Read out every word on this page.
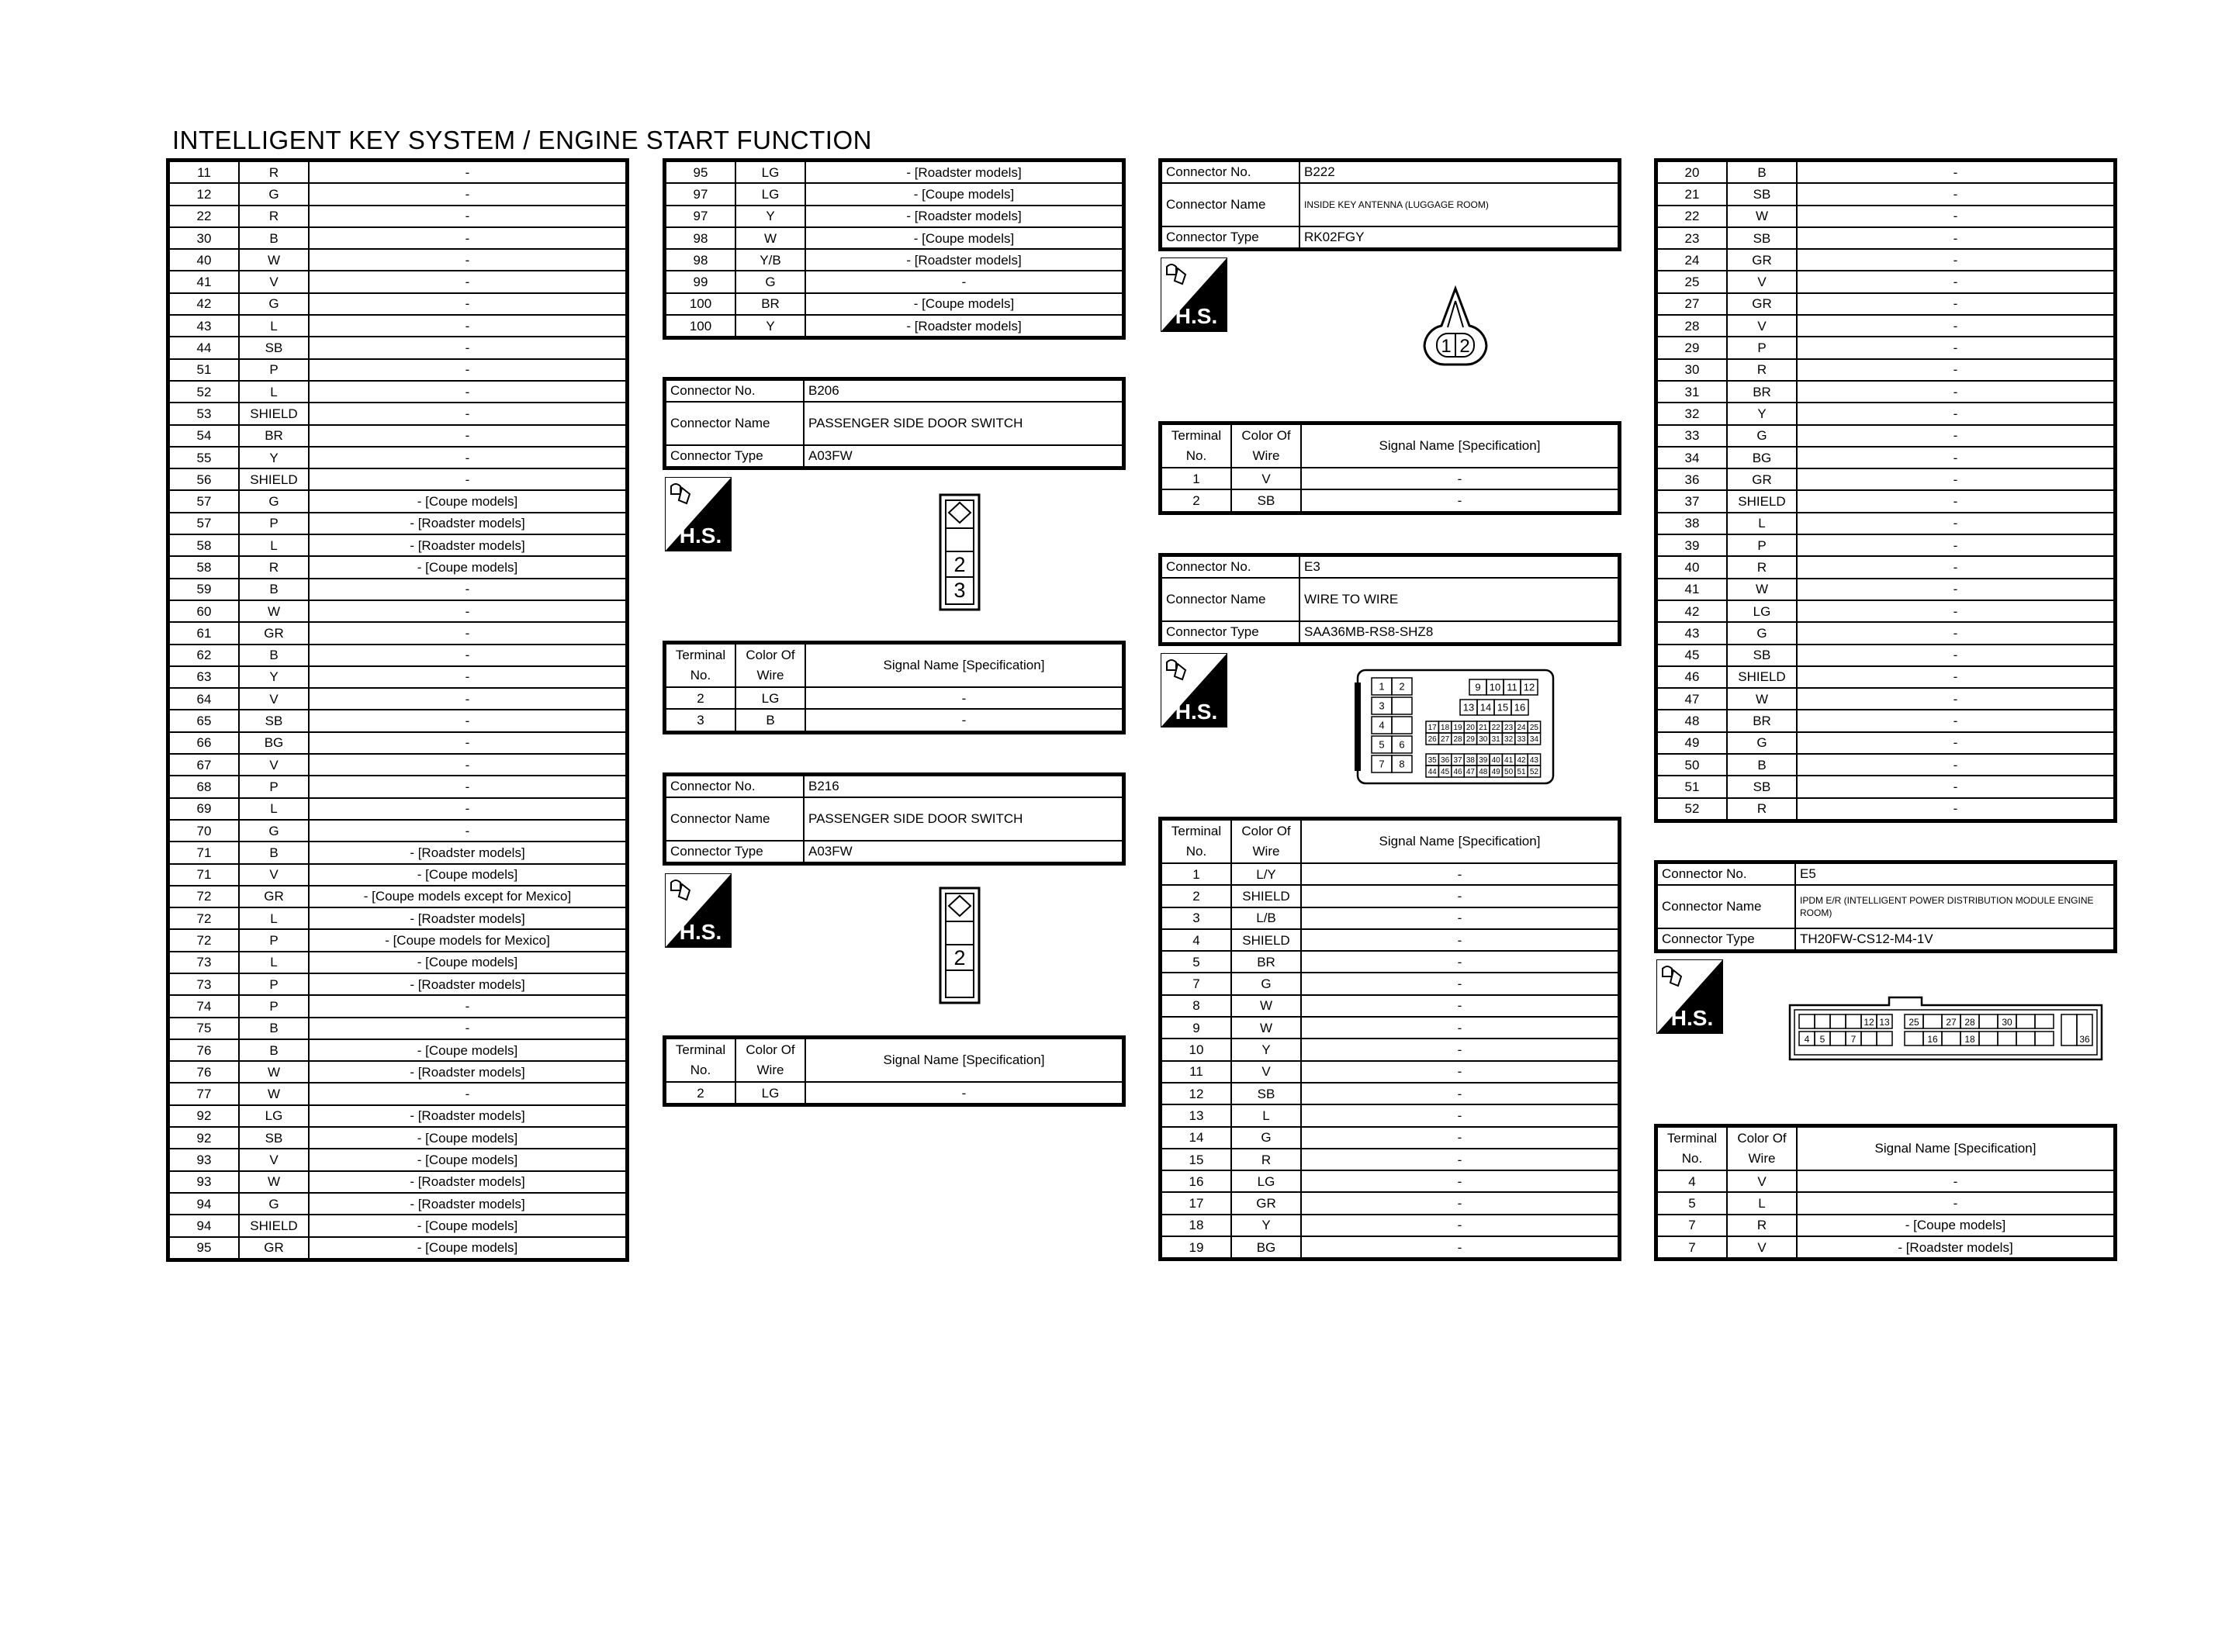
INTELLIGENT KEY SYSTEM / ENGINE START FUNCTION
11	R	-
12	G	-
22	R	-
30	B	-
40	W	-
41	V	-
42	G	-
43	L	-
44	SB	-
51	P	-
52	L	-
53	SHIELD	-
54	BR	-
55	Y	-
56	SHIELD	-
57	G	- [Coupe models]
57	P	- [Roadster models]
58	L	- [Roadster models]
58	R	- [Coupe models]
59	B	-
60	W	-
61	GR	-
62	B	-
63	Y	-
64	V	-
65	SB	-
66	BG	-
67	V	-
68	P	-
69	L	-
70	G	-
71	B	- [Roadster models]
71	V	- [Coupe models]
72	GR	- [Coupe models except for Mexico]
72	L	- [Roadster models]
72	P	- [Coupe models for Mexico]
73	L	- [Coupe models]
73	P	- [Roadster models]
74	P	-
75	B	-
76	B	- [Coupe models]
76	W	- [Roadster models]
77	W	-
92	LG	- [Roadster models]
92	SB	- [Coupe models]
93	V	- [Coupe models]
93	W	- [Roadster models]
94	G	- [Roadster models]
94	SHIELD	- [Coupe models]
95	GR	- [Coupe models]
95	LG	- [Roadster models]
97	LG	- [Coupe models]
97	Y	- [Roadster models]
98	W	- [Coupe models]
98	Y/B	- [Roadster models]
99	G	-
100	BR	- [Coupe models]
100	Y	- [Roadster models]
Connector No.	B206
Connector Name	PASSENGER SIDE DOOR SWITCH
Connector Type	A03FW
H.S.
2
3
Terminal No.	Color Of Wire	Signal Name [Specification]
2	LG	-
3	B	-
Connector No.	B216
Connector Name	PASSENGER SIDE DOOR SWITCH
Connector Type	A03FW
H.S.
2
Terminal No.	Color Of Wire	Signal Name [Specification]
2	LG	-
Connector No.	B222
Connector Name	INSIDE KEY ANTENNA (LUGGAGE ROOM)
Connector Type	RK02FGY
H.S.
1 2
Terminal No.	Color Of Wire	Signal Name [Specification]
1	V	-
2	SB	-
Connector No.	E3
Connector Name	WIRE TO WIRE
Connector Type	SAA36MB-RS8-SHZ8
H.S.
1 2
3
4
5 6
7 8
9 10 11 12
13 14 15 16
17 18 19 20 21 22 23 24 25
26 27 28 29 30 31 32 33 34
35 36 37 38 39 40 41 42 43
44 45 46 47 48 49 50 51 52
Terminal No.	Color Of Wire	Signal Name [Specification]
1	L/Y	-
2	SHIELD	-
3	L/B	-
4	SHIELD	-
5	BR	-
7	G	-
8	W	-
9	W	-
10	Y	-
11	V	-
12	SB	-
13	L	-
14	G	-
15	R	-
16	LG	-
17	GR	-
18	Y	-
19	BG	-
20	B	-
21	SB	-
22	W	-
23	SB	-
24	GR	-
25	V	-
27	GR	-
28	V	-
29	P	-
30	R	-
31	BR	-
32	Y	-
33	G	-
34	BG	-
36	GR	-
37	SHIELD	-
38	L	-
39	P	-
40	R	-
41	W	-
42	LG	-
43	G	-
45	SB	-
46	SHIELD	-
47	W	-
48	BR	-
49	G	-
50	B	-
51	SB	-
52	R	-
Connector No.	E5
Connector Name	IPDM E/R (INTELLIGENT POWER DISTRIBUTION MODULE ENGINE ROOM)
Connector Type	TH20FW-CS12-M4-1V
H.S.	12 13 25	27 28	30
4 5	7	16	18	36
Terminal No.	Color Of Wire	Signal Name [Specification]
4	V	-
5	L	-
7	R	- [Coupe models]
7	V	- [Roadster models]
